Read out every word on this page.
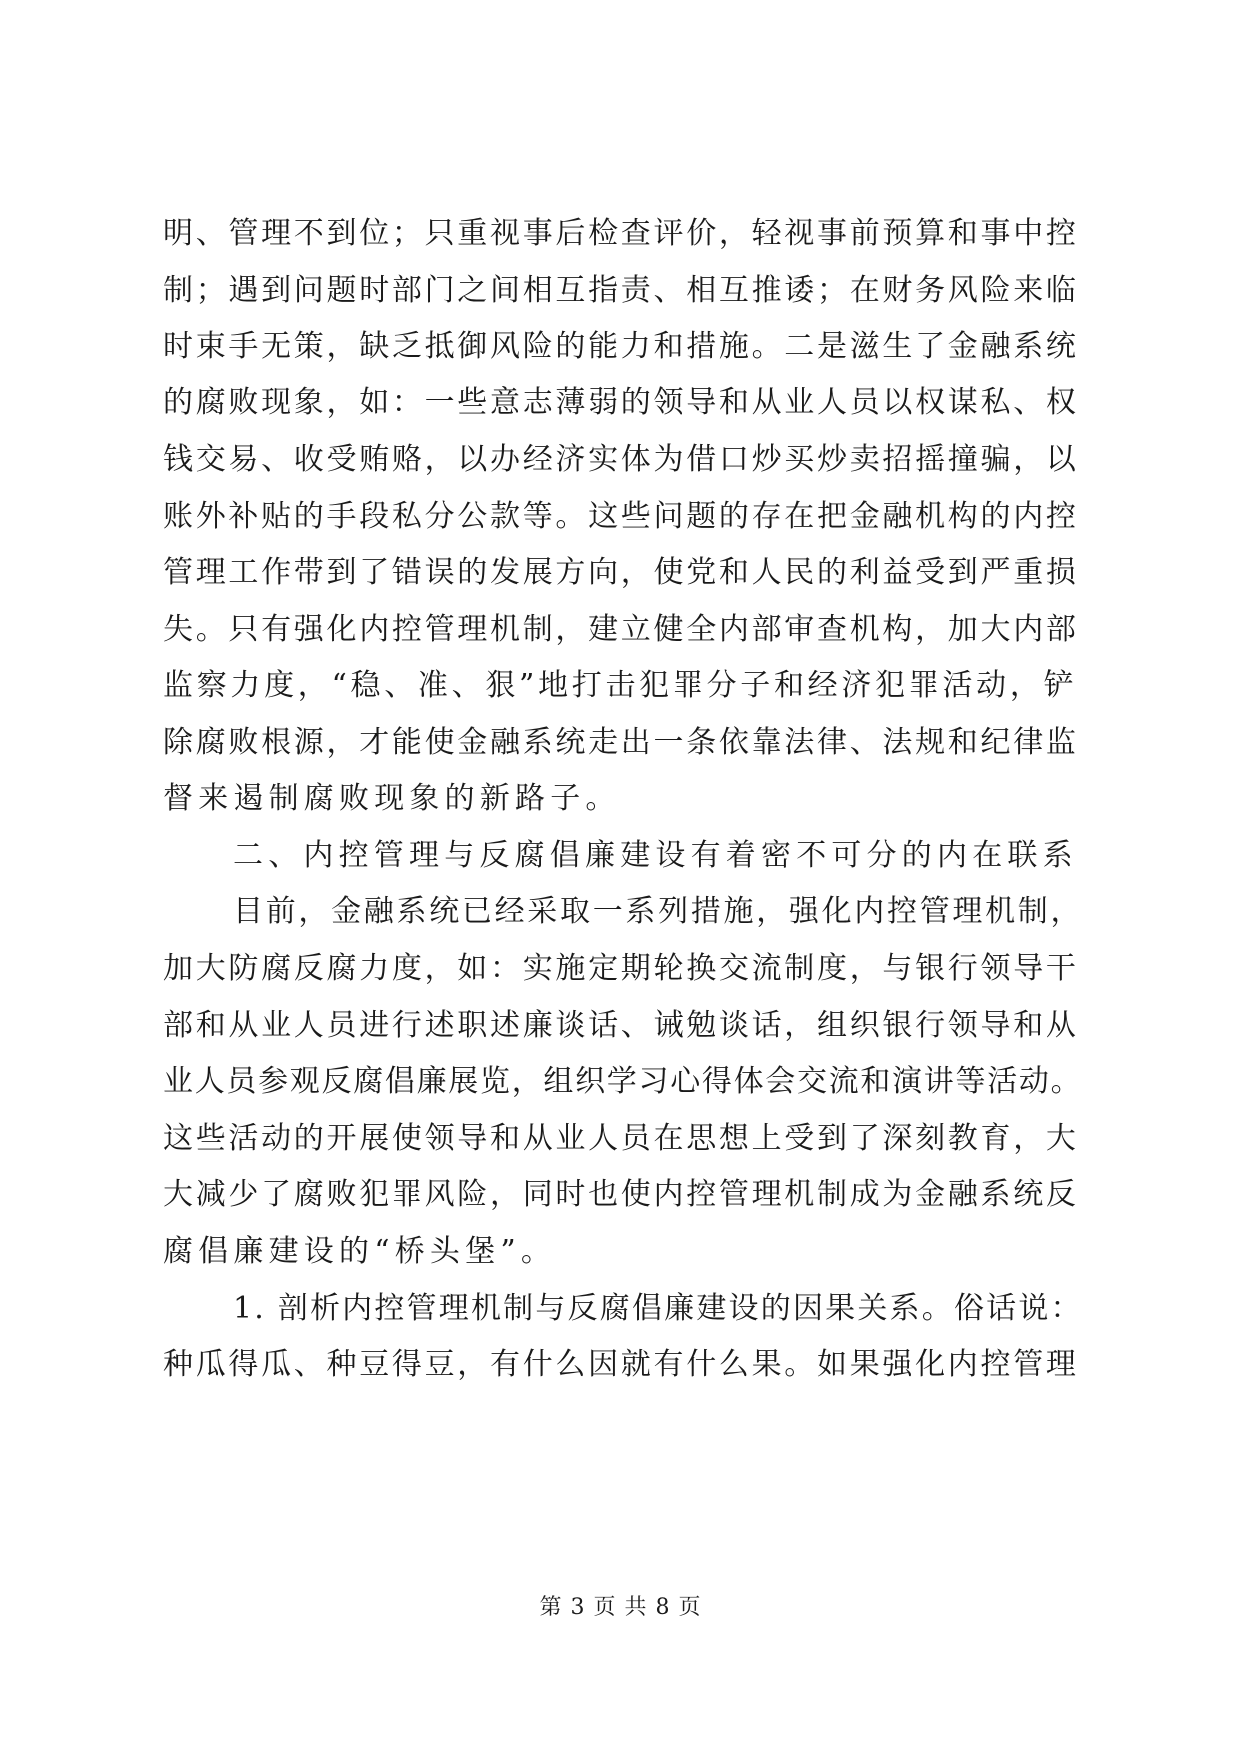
明、管理不到位；只重视事后检查评价，轻视事前预算和事中控
制；遇到问题时部门之间相互指责、相互推诿；在财务风险来临
时束手无策，缺乏抵御风险的能力和措施。二是滋生了金融系统
的腐败现象，如：一些意志薄弱的领导和从业人员以权谋私、权
钱交易、收受贿赂，以办经济实体为借口炒买炒卖招摇撞骗，以
账外补贴的手段私分公款等。这些问题的存在把金融机构的内控
管理工作带到了错误的发展方向，使党和人民的利益受到严重损
失。只有强化内控管理机制，建立健全内部审查机构，加大内部
监察力度，“稳、准、狠”地打击犯罪分子和经济犯罪活动，铲
除腐败根源，才能使金融系统走出一条依靠法律、法规和纪律监
督来遏制腐败现象的新路子。
二、内控管理与反腐倡廉建设有着密不可分的内在联系
目前，金融系统已经采取一系列措施，强化内控管理机制，
加大防腐反腐力度，如：实施定期轮换交流制度，与银行领导干
部和从业人员进行述职述廉谈话、诫勉谈话，组织银行领导和从
业人员参观反腐倡廉展览，组织学习心得体会交流和演讲等活动。
这些活动的开展使领导和从业人员在思想上受到了深刻教育，大
大减少了腐败犯罪风险，同时也使内控管理机制成为金融系统反
腐倡廉建设的“桥头堡”。
1. 剖析内控管理机制与反腐倡廉建设的因果关系。俗话说：
种瓜得瓜、种豆得豆，有什么因就有什么果。如果强化内控管理
第 3 页 共 8 页
